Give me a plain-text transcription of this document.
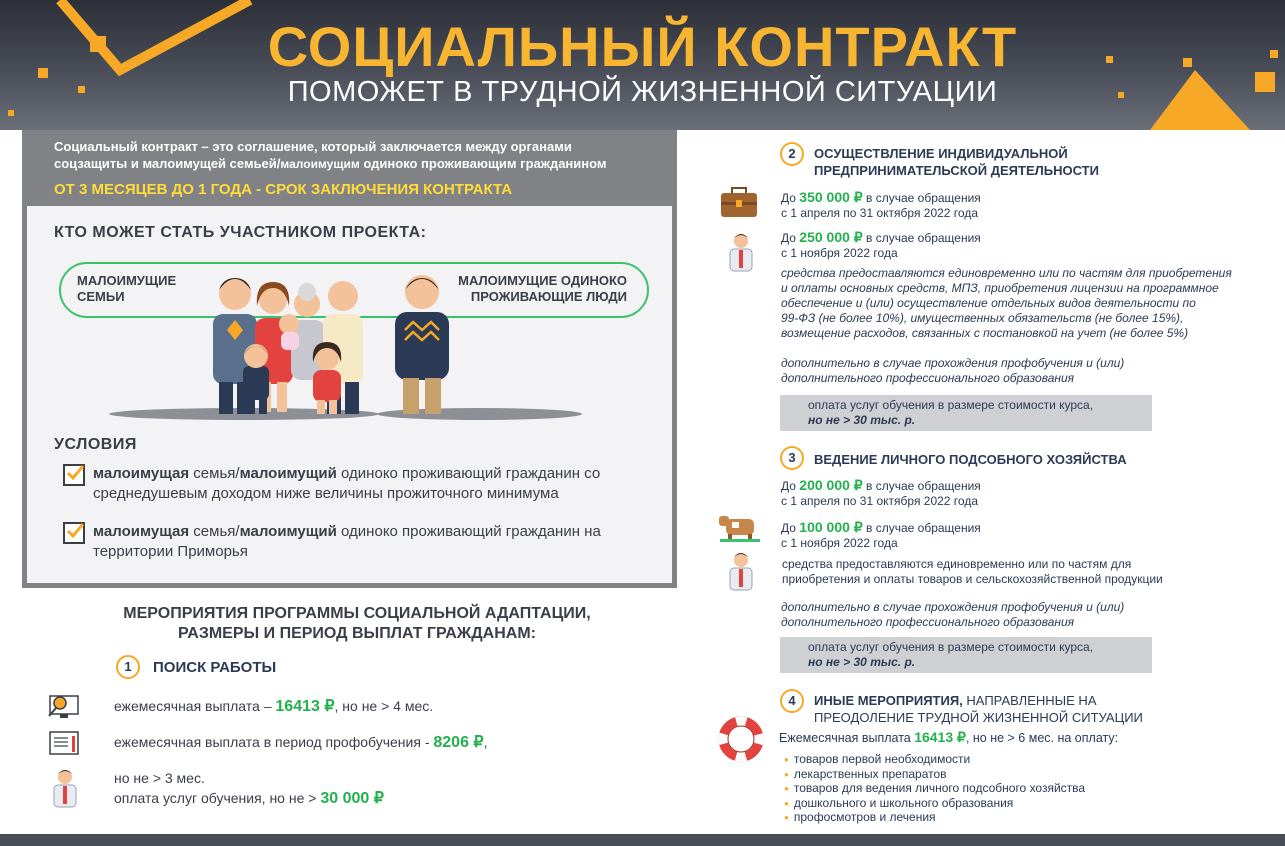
СОЦИАЛЬНЫЙ КОНТРАКТ
ПОМОЖЕТ В ТРУДНОЙ ЖИЗНЕННОЙ СИТУАЦИИ
Социальный контракт – это соглашение, который заключается между органами
соцзащиты и малоимущей семьей/малоимущим одиноко проживающим гражданином
ОТ 3 МЕСЯЦЕВ ДО 1 ГОДА - СРОК ЗАКЛЮЧЕНИЯ КОНТРАКТА
КТО МОЖЕТ СТАТЬ УЧАСТНИКОМ ПРОЕКТА:
МАЛОИМУЩИЕ
СЕМЬИ
МАЛОИМУЩИЕ ОДИНОКО
ПРОЖИВАЮЩИЕ ЛЮДИ
УСЛОВИЯ
малоимущая семья/малоимущий одиноко проживающий гражданин со
среднедушевым доходом ниже величины прожиточного минимума
малоимущая семья/малоимущий одиноко проживающий гражданин на
территории Приморья
МЕРОПРИЯТИЯ ПРОГРАММЫ СОЦИАЛЬНОЙ АДАПТАЦИИ,
РАЗМЕРЫ И ПЕРИОД ВЫПЛАТ ГРАЖДАНАМ:
1	ПОИСК РАБОТЫ
ежемесячная выплата – 16413 ₽, но не > 4 мес.
ежемесячная выплата в период профобучения - 8206 ₽,
но не > 3 мес.
оплата услуг обучения, но не > 30 000 ₽
2	ОСУЩЕСТВЛЕНИЕ ИНДИВИДУАЛЬНОЙ
ПРЕДПРИНИМАТЕЛЬСКОЙ ДЕЯТЕЛЬНОСТИ
До 350 000 ₽ в случае обращения
с 1 апреля по 31 октября 2022 года
До 250 000 ₽ в случае обращения
с 1 ноября 2022 года
средства предоставляются единовременно или по частям для приобретения
и оплаты основных средств, МПЗ, приобретения лицензии на программное
обеспечение и (или) осуществление отдельных видов деятельности по
99-ФЗ (не более 10%), имущественных обязательств (не более 15%),
возмещение расходов, связанных с постановкой на учет (не более 5%)
дополнительно в случае прохождения профобучения и (или)
дополнительного профессионального образования
оплата услуг обучения в размере стоимости курса,
но не > 30 тыс. р.
3	ВЕДЕНИЕ ЛИЧНОГО ПОДСОБНОГО ХОЗЯЙСТВА
До 200 000 ₽ в случае обращения
с 1 апреля по 31 октября 2022 года
До 100 000 ₽ в случае обращения
с 1 ноября 2022 года
средства предоставляются единовременно или по частям для
приобретения и оплаты товаров и сельскохозяйственной продукции
дополнительно в случае прохождения профобучения и (или)
дополнительного профессионального образования
оплата услуг обучения в размере стоимости курса,
но не > 30 тыс. р.
4	ИНЫЕ МЕРОПРИЯТИЯ, НАПРАВЛЕННЫЕ НА
ПРЕОДОЛЕНИЕ ТРУДНОЙ ЖИЗНЕННОЙ СИТУАЦИИ
Ежемесячная выплата 16413 ₽, но не > 6 мес. на оплату:
● товаров первой необходимости
● лекарственных препаратов
● товаров для ведения личного подсобного хозяйства
● дошкольного и школьного образования
● профосмотров и лечения
